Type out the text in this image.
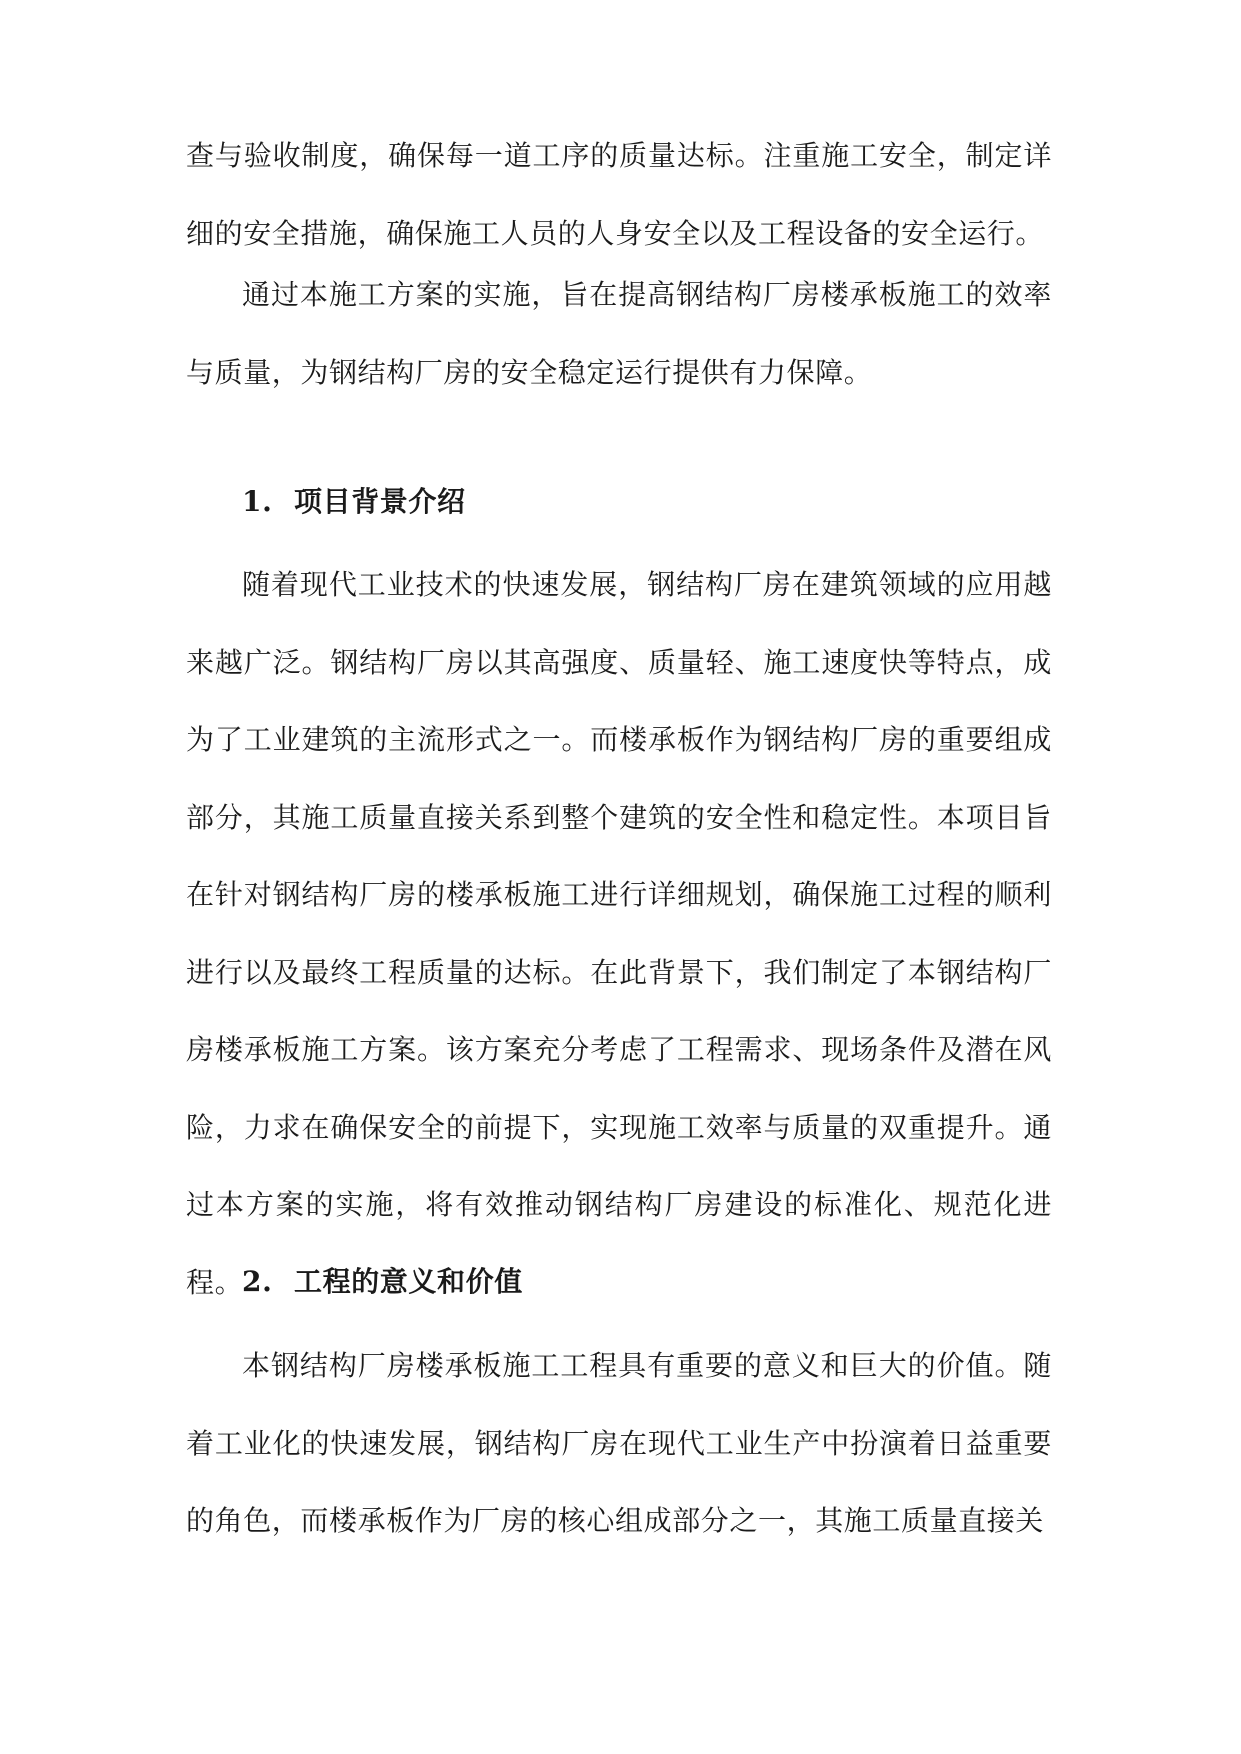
查与验收制度，确保每一道工序的质量达标。注重施工安全，制定详细的安全措施，确保施工人员的人身安全以及工程设备的安全运行。

通过本施工方案的实施，旨在提高钢结构厂房楼承板施工的效率与质量，为钢结构厂房的安全稳定运行提供有力保障。

1. 项目背景介绍

随着现代工业技术的快速发展，钢结构厂房在建筑领域的应用越来越广泛。钢结构厂房以其高强度、质量轻、施工速度快等特点，成为了工业建筑的主流形式之一。而楼承板作为钢结构厂房的重要组成部分，其施工质量直接关系到整个建筑的安全性和稳定性。本项目旨在针对钢结构厂房的楼承板施工进行详细规划，确保施工过程的顺利进行以及最终工程质量的达标。在此背景下，我们制定了本钢结构厂房楼承板施工方案。该方案充分考虑了工程需求、现场条件及潜在风险，力求在确保安全的前提下，实现施工效率与质量的双重提升。通过本方案的实施，将有效推动钢结构厂房建设的标准化、规范化进程。

2. 工程的意义和价值

本钢结构厂房楼承板施工工程具有重要的意义和巨大的价值。随着工业化的快速发展，钢结构厂房在现代工业生产中扮演着日益重要的角色，而楼承板作为厂房的核心组成部分之一，其施工质量直接关
